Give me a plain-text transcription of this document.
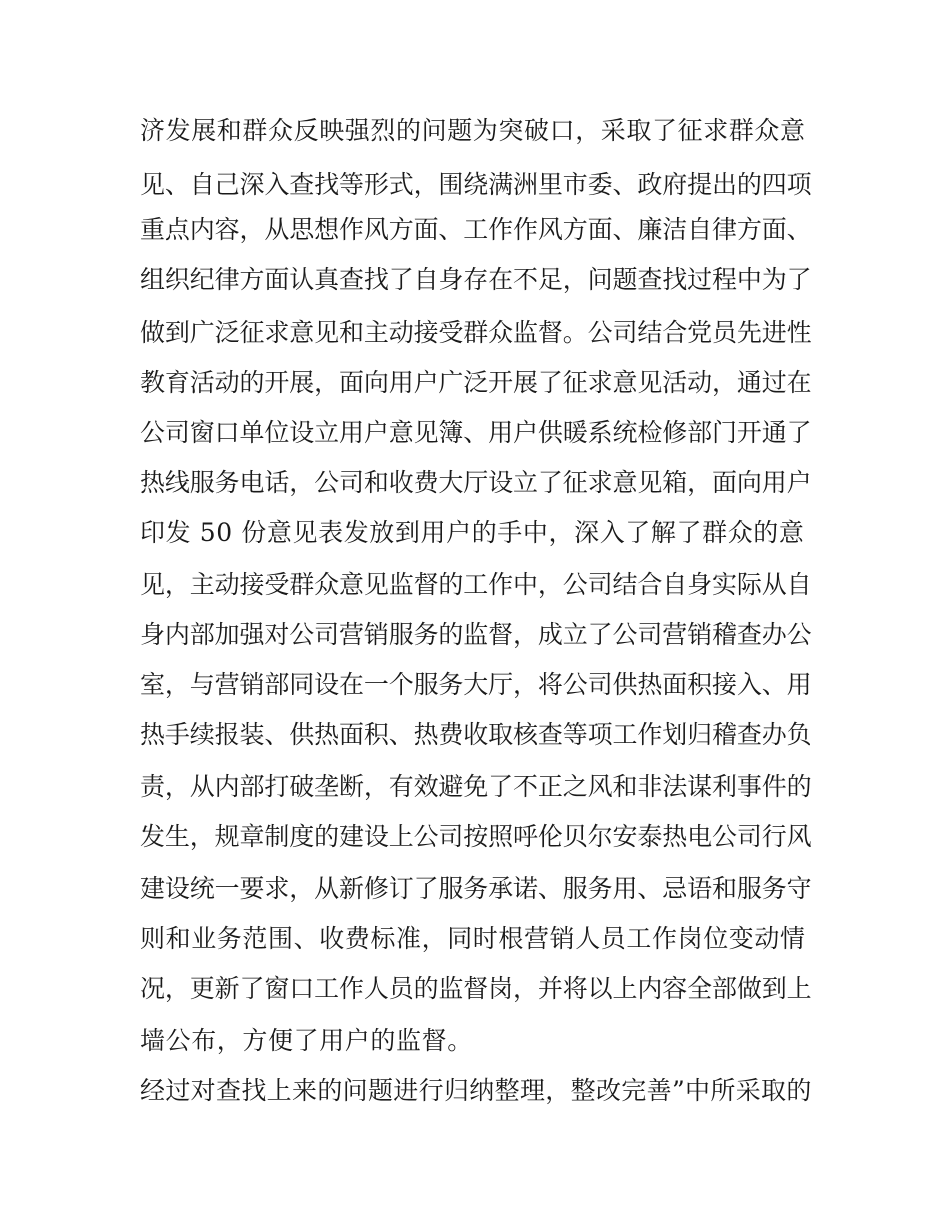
济发展和群众反映强烈的问题为突破口，采取了征求群众意
见、自己深入查找等形式，围绕满洲里市委、政府提出的四项
重点内容，从思想作风方面、工作作风方面、廉洁自律方面、
组织纪律方面认真查找了自身存在不足，问题查找过程中为了
做到广泛征求意见和主动接受群众监督。公司结合党员先进性
教育活动的开展，面向用户广泛开展了征求意见活动，通过在
公司窗口单位设立用户意见簿、用户供暖系统检修部门开通了
热线服务电话，公司和收费大厅设立了征求意见箱，面向用户
印发 50 份意见表发放到用户的手中，深入了解了群众的意
见，主动接受群众意见监督的工作中，公司结合自身实际从自
身内部加强对公司营销服务的监督，成立了公司营销稽查办公
室，与营销部同设在一个服务大厅，将公司供热面积接入、用
热手续报装、供热面积、热费收取核查等项工作划归稽查办负
责，从内部打破垄断，有效避免了不正之风和非法谋利事件的
发生，规章制度的建设上公司按照呼伦贝尔安泰热电公司行风
建设统一要求，从新修订了服务承诺、服务用、忌语和服务守
则和业务范围、收费标准，同时根营销人员工作岗位变动情
况，更新了窗口工作人员的监督岗，并将以上内容全部做到上
墙公布，方便了用户的监督。
经过对查找上来的问题进行归纳整理，整改完善”中所采取的
